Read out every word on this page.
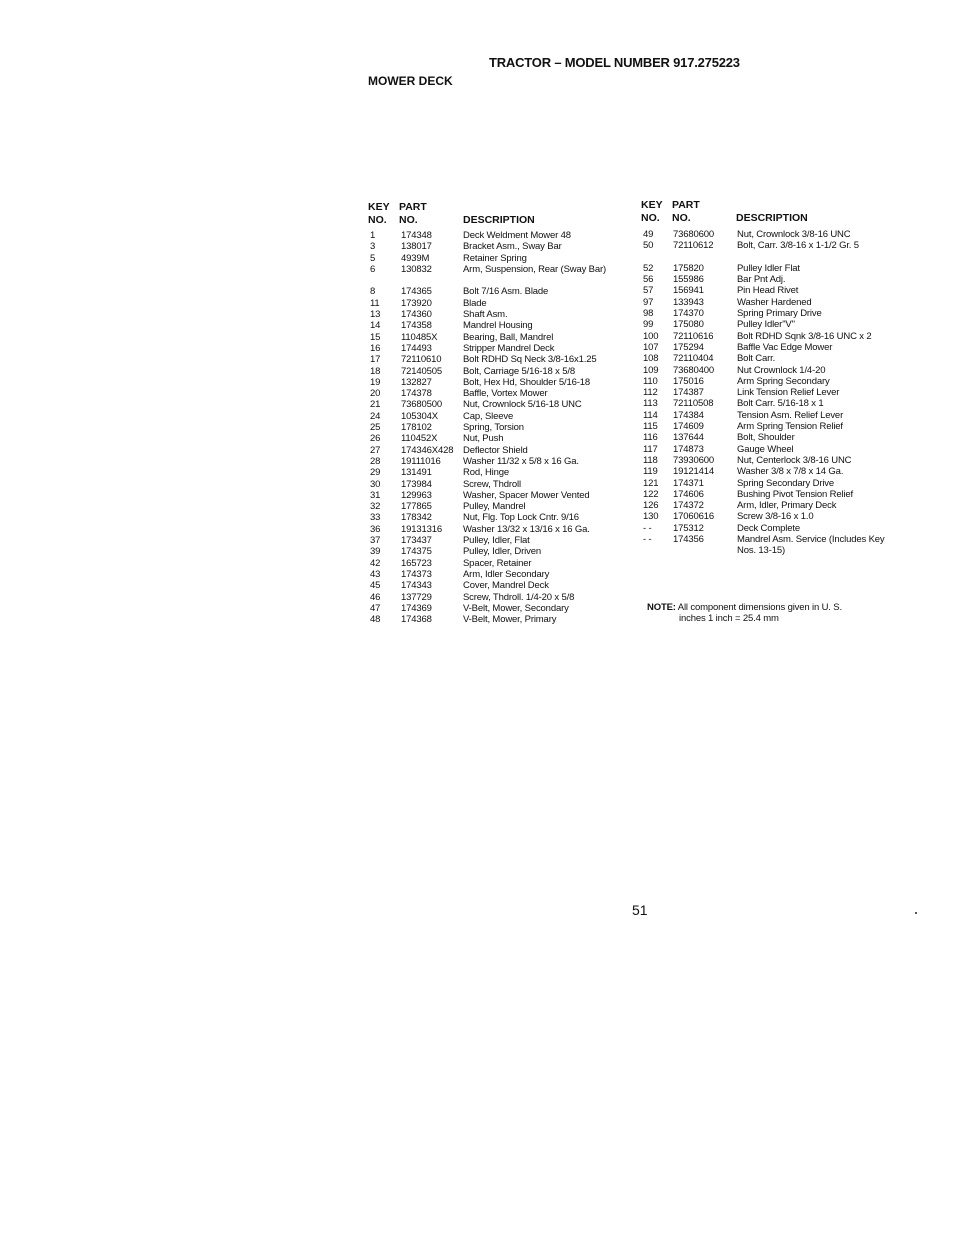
TRACTOR – MODEL NUMBER 917.275223
MOWER DECK
KEY
NO.
PART
NO.	DESCRIPTION
KEY
NO.
PART
NO.	DESCRIPTION
1	174348	Deck Weldment Mower 48
3	138017	Bracket Asm., Sway Bar
5	4939M	Retainer Spring
6	130832	Arm, Suspension, Rear (Sway Bar)
8	174365	Bolt 7/16 Asm. Blade
11 173920	Blade
13 174360	Shaft Asm.
14 174358	Mandrel Housing
15 110485X	Bearing, Ball, Mandrel
16 174493	Stripper Mandrel Deck
17 72110610 Bolt RDHD Sq Neck 3/8-16x1.25
18 72140505 Bolt, Carriage 5/16-18 x 5/8
19 132827	Bolt, Hex Hd, Shoulder 5/16-18
20 174378	Baffle, Vortex Mower
21 73680500 Nut, Crownlock 5/16-18 UNC
24 105304X	Cap, Sleeve
25 178102	Spring, Torsion
26 110452X	Nut, Push
27 174346X428 Deflector Shield
28 19111016 Washer 11/32 x 5/8 x 16 Ga.
29 131491	Rod, Hinge
30 173984	Screw, Thdroll
31 129963	Washer, Spacer Mower Vented
32 177865	Pulley, Mandrel
33 178342	Nut, Flg. Top Lock Cntr. 9/16
36 19131316 Washer 13/32 x 13/16 x 16 Ga.
37 173437	Pulley, Idler, Flat
39 174375	Pulley, Idler, Driven
42 165723	Spacer, Retainer
43 174373	Arm, Idler Secondary
45 174343	Cover, Mandrel Deck
46 137729	Screw, Thdroll. 1/4-20 x 5/8
47 174369	V-Belt, Mower, Secondary
48 174368	V-Belt, Mower, Primary
49 73680600 Nut, Crownlock 3/8-16 UNC
50 72110612 Bolt, Carr. 3/8-16 x 1-1/2 Gr. 5
52 175820	Pulley Idler Flat
56 155986	Bar Pnt Adj.
57 156941	Pin Head Rivet
97 133943	Washer Hardened
98 174370	Spring Primary Drive
99 175080	Pulley Idler"V"
100 72110616 Bolt RDHD Sqnk 3/8-16 UNC x 2
107 175294	Baffle Vac Edge Mower
108 72110404 Bolt Carr.
109 73680400 Nut Crownlock 1/4-20
110 175016	Arm Spring Secondary
112 174387	Link Tension Relief Lever
113 72110508 Bolt Carr. 5/16-18 x 1
114 174384	Tension Asm. Relief Lever
115 174609	Arm Spring Tension Relief
116 137644	Bolt, Shoulder
117 174873	Gauge Wheel
118 73930600 Nut, Centerlock 3/8-16 UNC
119 19121414 Washer 3/8 x 7/8 x 14 Ga.
121 174371	Spring Secondary Drive
122 174606	Bushing Pivot Tension Relief
126 174372	Arm, Idler, Primary Deck
130 17060616 Screw 3/8-16 x 1.0
- - 175312	Deck Complete
- - 174356	Mandrel Asm. Service (Includes Key Nos. 13-15)
NOTE: All component dimensions given in U. S.
inches 1 inch = 25.4 mm
51
